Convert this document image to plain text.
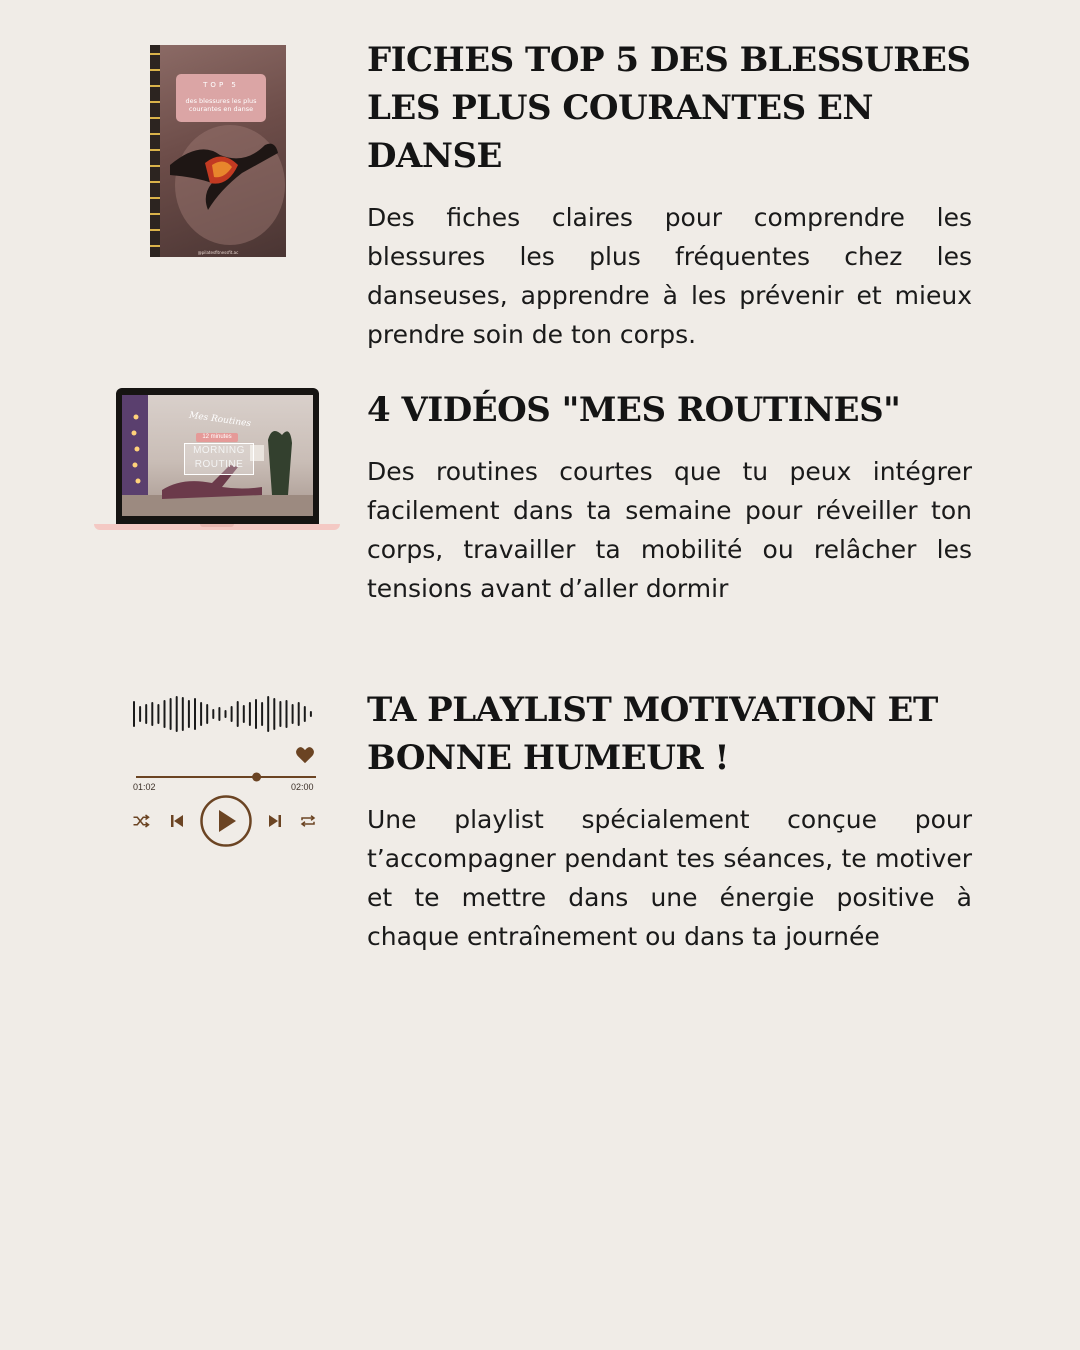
TOP 5
des blessures les plus courantes en danse
@pilatesfitnessfit.ac
FICHES TOP 5 DES BLESSURES LES PLUS COURANTES EN DANSE

Des fiches claires pour comprendre les blessures les plus fréquentes chez les danseuses, apprendre à les prévenir et mieux prendre soin de ton corps.

Mes Routines
12 minutes
MORNING
ROUTINE
4 VIDÉOS "MES ROUTINES"

Des routines courtes que tu peux intégrer facilement dans ta semaine pour réveiller ton corps, travailler ta mobilité ou relâcher les tensions avant d’aller dormir

01:02	02:00
TA PLAYLIST MOTIVATION ET BONNE HUMEUR !

Une playlist spécialement conçue pour t’accompagner pendant tes séances, te motiver et te mettre dans une énergie positive à chaque entraînement ou dans ta journée
